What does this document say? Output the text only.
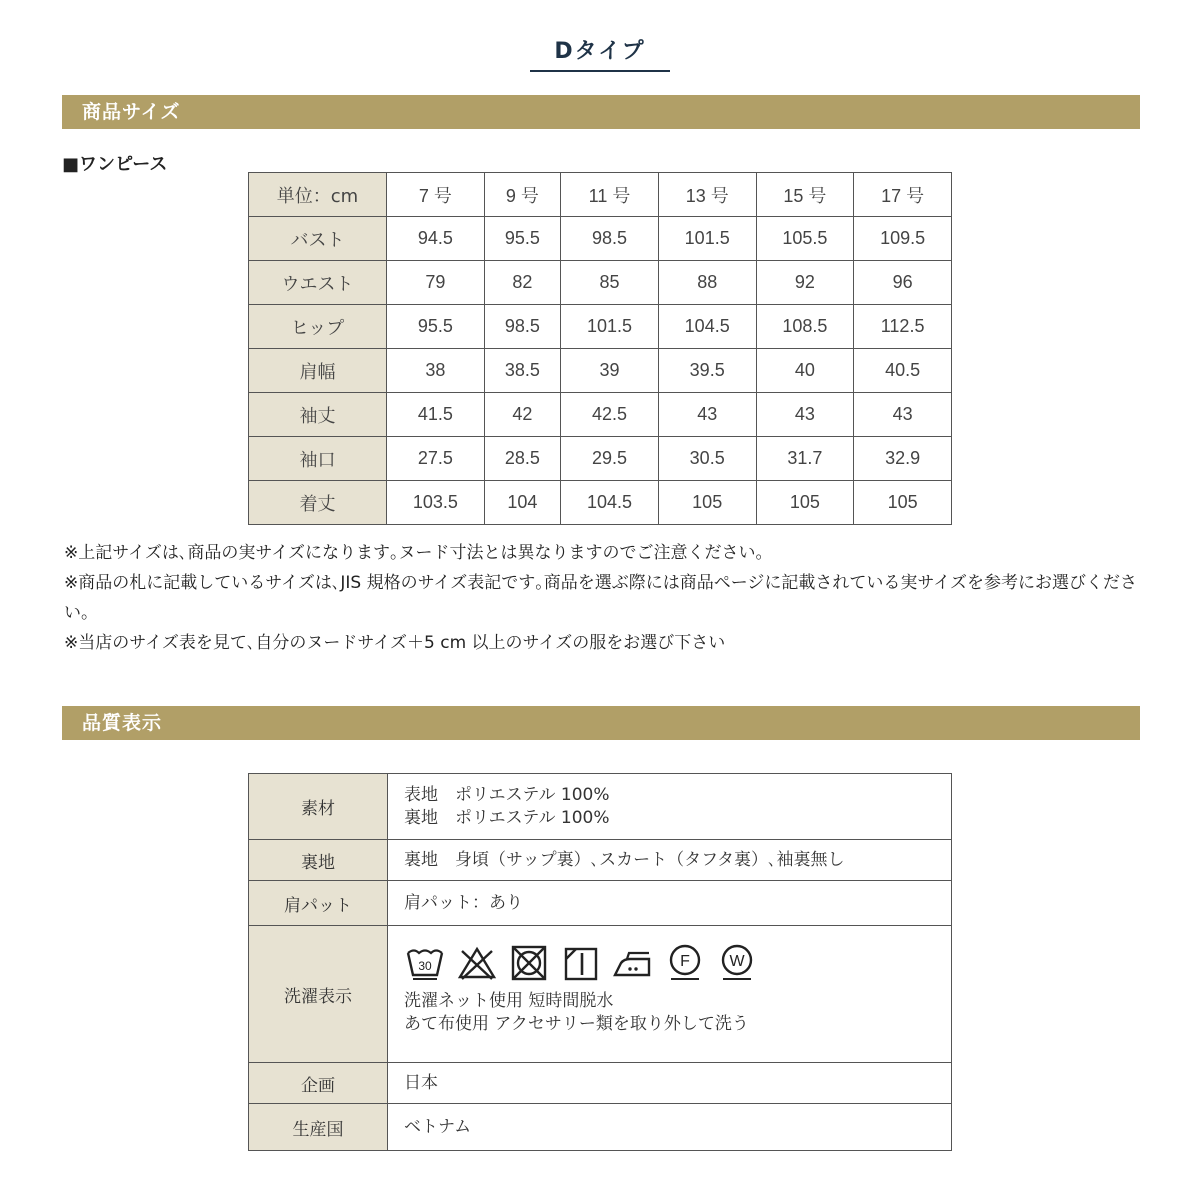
Dタイプ
商品サイズ
■ワンピース
単位：cm	7 号	9 号	11 号	13 号	15 号	17 号
バスト	94.5	95.5	98.5	101.5	105.5	109.5
ウエスト	79	82	85	88	92	96
ヒップ	95.5	98.5	101.5	104.5	108.5	112.5
肩幅	38	38.5	39	39.5	40	40.5
袖丈	41.5	42	42.5	43	43	43
袖口	27.5	28.5	29.5	30.5	31.7	32.9
着丈	103.5	104	104.5	105	105	105

※上記サイズは､商品の実サイズになります｡ヌード寸法とは異なりますのでご注意ください。

※商品の札に記載しているサイズは､JIS 規格のサイズ表記です｡商品を選ぶ際には商品ページに記載されている実サイズを参考にお選びください。

※当店のサイズ表を見て､自分のヌードサイズ＋5 cm 以上のサイズの服をお選び下さい

品質表示
素材	表地　ポリエステル 100%
裏地　ポリエステル 100%

裏地	裏地　身頃（サップ裏）､スカート（タフタ裏）､袖裏無し
肩パット	肩パット：あり
洗濯表示	30 F W
洗濯ネット使用 短時間脱水
あて布使用 アクセサリー類を取り外して洗う

企画	日本
生産国	ベトナム
